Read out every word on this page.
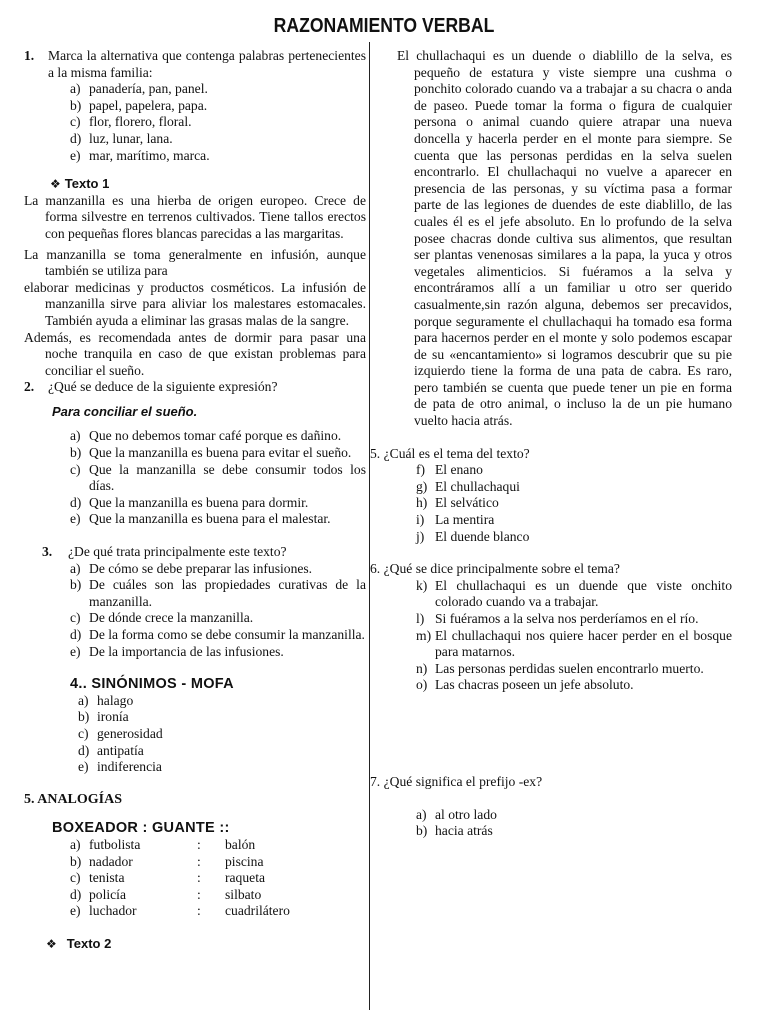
RAZONAMIENTO VERBAL
1.	Marca la alternativa que contenga palabras pertenecientes a la misma familia:
a) panadería, pan, panel.
b) papel, papelera, papa.
c) flor, florero, floral.
d) luz, lunar, lana.
e) mar, marítimo, marca.
❖ Texto 1
La manzanilla es una hierba de origen europeo. Crece de forma silvestre en terrenos cultivados. Tiene tallos erectos con pequeñas flores blancas parecidas a las margaritas.
La manzanilla se toma generalmente en infusión, aunque también se utiliza para
elaborar medicinas y productos cosméticos. La infusión de manzanilla sirve para aliviar los malestares estomacales. También ayuda a eliminar las grasas malas de la sangre.
Además, es recomendada antes de dormir para pasar una noche tranquila en caso de que existan problemas para conciliar el sueño.
2.	¿Qué se deduce de la siguiente expresión?
Para conciliar el sueño.
a) Que no debemos tomar café porque es dañino.
b) Que la manzanilla es buena para evitar el sueño.
c) Que la manzanilla se debe consumir todos los días.
d) Que la manzanilla es buena para dormir.
e) Que la manzanilla es buena para el malestar.
3.	¿De qué trata principalmente este texto?
a) De cómo se debe preparar las infusiones.
b) De cuáles son las propiedades curativas de la manzanilla.
c) De dónde crece la manzanilla.
d) De la forma como se debe consumir la manzanilla.
e) De la importancia de las infusiones.
4.. SINÓNIMOS - MOFA
a) halago
b) ironía
c) generosidad
d) antipatía
e) indiferencia
5. ANALOGÍAS
BOXEADOR : GUANTE ::
a) futbolista	:	balón
b) nadador	:	piscina
c) tenista	:	raqueta
d) policía	:	silbato
e) luchador	:	cuadrilátero
❖ Texto 2
El chullachaqui es un duende o diablillo de la selva, es pequeño de estatura y viste siempre una cushma o ponchito colorado cuando va a trabajar a su chacra o anda de paseo. Puede tomar la forma o figura de cualquier persona o animal cuando quiere atrapar una nueva doncella y hacerla perder en el monte para siempre. Se cuenta que las personas perdidas en la selva suelen encontrarlo. El chullachaqui no vuelve a aparecer en presencia de las personas, y su víctima pasa a formar parte de las legiones de duendes de este diablillo, de las cuales él es el jefe absoluto. En lo profundo de la selva posee chacras donde cultiva sus alimentos, que resultan ser plantas venenosas similares a la papa, la yuca y otros vegetales alimenticios. Si fuéramos a la selva y encontráramos allí a un familiar u otro ser querido casualmente,sin razón alguna, debemos ser precavidos, porque seguramente el chullachaqui ha tomado esa forma para hacernos perder en el monte y solo podemos escapar de su «encantamiento» si logramos descubrir que su pie izquierdo tiene la forma de una pata de cabra. Es raro, pero también se cuenta que puede tener un pie en forma de pata de otro animal, o incluso la de un pie humano vuelto hacia atrás.
5.
¿Cuál es el tema del texto?
f) El enano
g) El chullachaqui
h) El selvático
i) La mentira
j) El duende blanco
6.
¿Qué se dice principalmente sobre el tema?
k) El chullachaqui es un duende que viste onchito colorado cuando va a trabajar.
l) Si fuéramos a la selva nos perderíamos en el río.
m) El chullachaqui nos quiere hacer perder en el bosque para matarnos.
n) Las personas perdidas suelen encontrarlo muerto.
o) Las chacras poseen un jefe absoluto.
7.
¿Qué significa el prefijo -ex?
a) al otro lado
b) hacia atrás
